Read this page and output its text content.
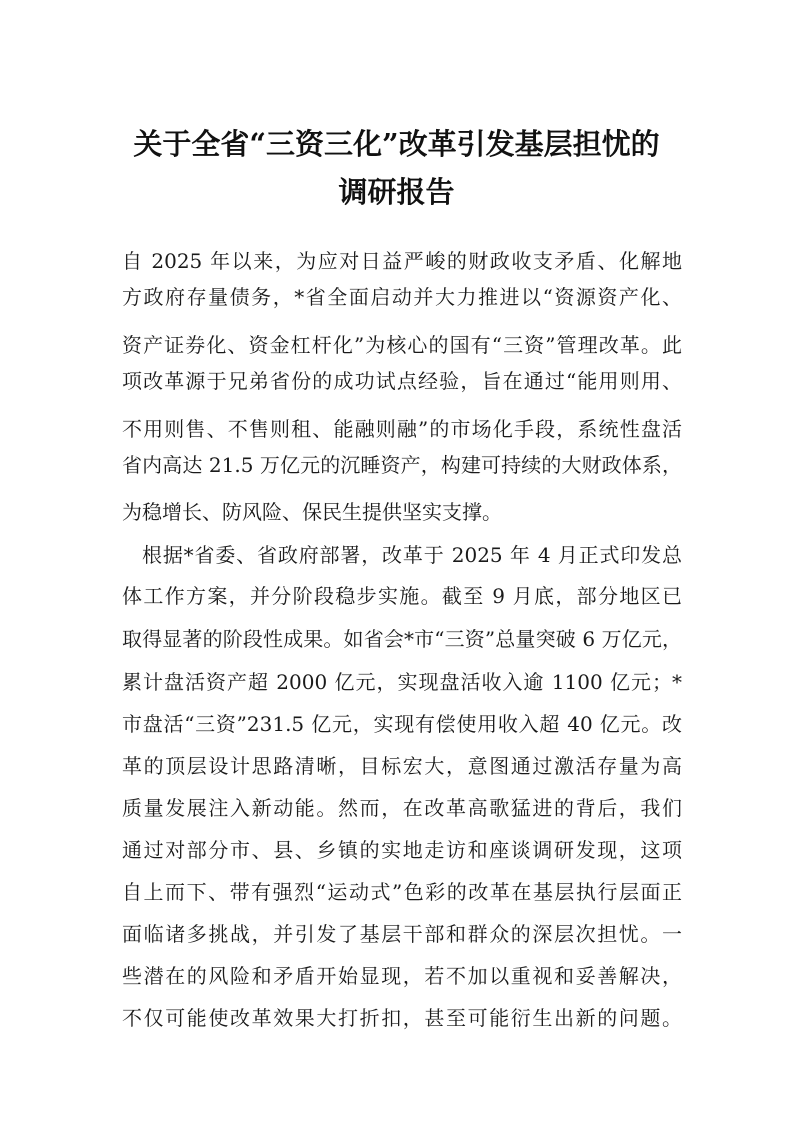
关于全省“三资三化”改革引发基层担忧的
调研报告
自 2025 年以来，为应对日益严峻的财政收支矛盾、化解地
方政府存量债务，*省全面启动并大力推进以“资源资产化、
资产证券化、资金杠杆化”为核心的国有“三资”管理改革。此
项改革源于兄弟省份的成功试点经验，旨在通过“能用则用、
不用则售、不售则租、能融则融”的市场化手段，系统性盘活
省内高达 21.5 万亿元的沉睡资产，构建可持续的大财政体系，
为稳增长、防风险、保民生提供坚实支撑。
根据*省委、省政府部署，改革于 2025 年 4 月正式印发总
体工作方案，并分阶段稳步实施。截至 9 月底，部分地区已
取得显著的阶段性成果。如省会*市“三资”总量突破 6 万亿元，
累计盘活资产超 2000 亿元，实现盘活收入逾 1100 亿元；*
市盘活“三资”231.5 亿元，实现有偿使用收入超 40 亿元。改
革的顶层设计思路清晰，目标宏大，意图通过激活存量为高
质量发展注入新动能。然而，在改革高歌猛进的背后，我们
通过对部分市、县、乡镇的实地走访和座谈调研发现，这项
自上而下、带有强烈“运动式”色彩的改革在基层执行层面正
面临诸多挑战，并引发了基层干部和群众的深层次担忧。一
些潜在的风险和矛盾开始显现，若不加以重视和妥善解决，
不仅可能使改革效果大打折扣，甚至可能衍生出新的问题。
